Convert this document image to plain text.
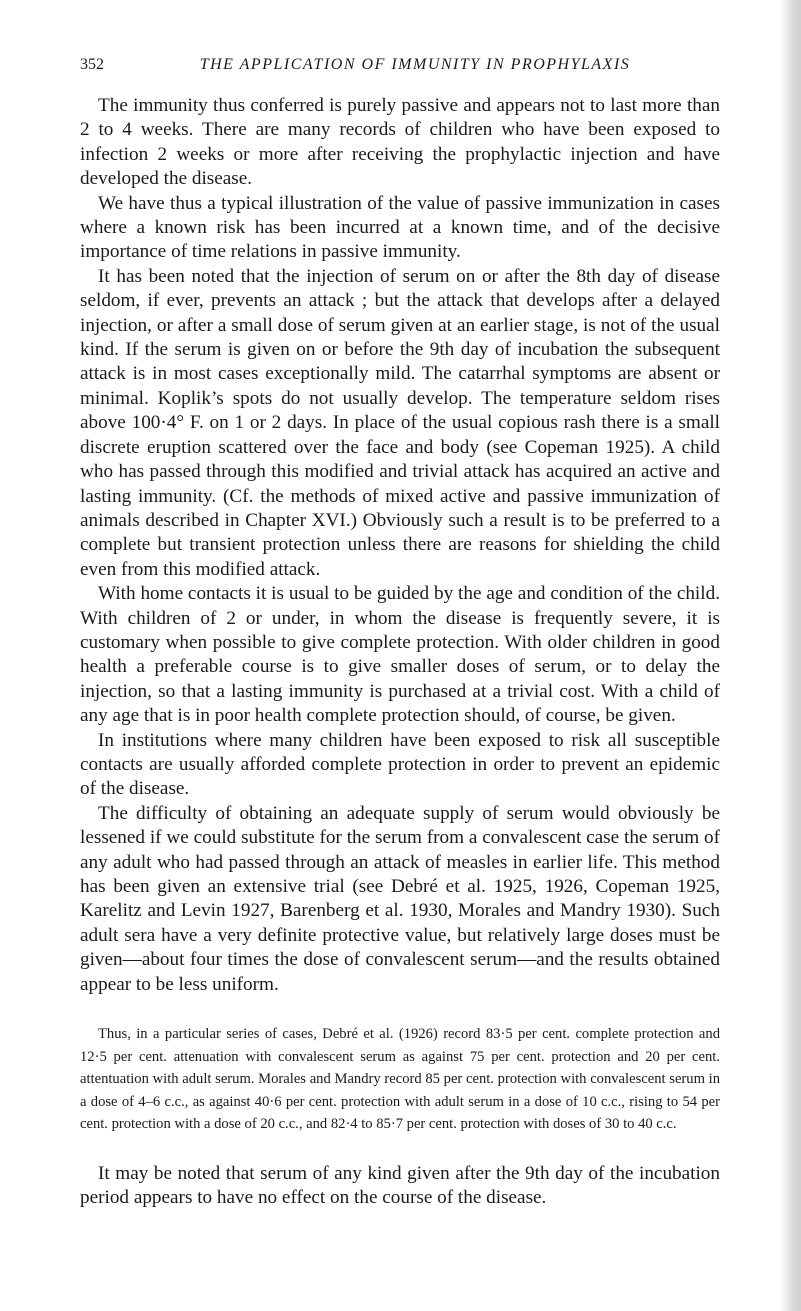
352	THE APPLICATION OF IMMUNITY IN PROPHYLAXIS

The immunity thus conferred is purely passive and appears not to last more than 2 to 4 weeks. There are many records of children who have been exposed to infection 2 weeks or more after receiving the prophylactic injection and have developed the disease.

We have thus a typical illustration of the value of passive immunization in cases where a known risk has been incurred at a known time, and of the decisive importance of time relations in passive immunity.

It has been noted that the injection of serum on or after the 8th day of disease seldom, if ever, prevents an attack ; but the attack that develops after a delayed injection, or after a small dose of serum given at an earlier stage, is not of the usual kind. If the serum is given on or before the 9th day of incubation the subsequent attack is in most cases exceptionally mild. The catarrhal symptoms are absent or minimal. Koplik’s spots do not usually develop. The temperature seldom rises above 100·4° F. on 1 or 2 days. In place of the usual copious rash there is a small discrete eruption scattered over the face and body (see Copeman 1925). A child who has passed through this modified and trivial attack has acquired an active and lasting immunity. (Cf. the methods of mixed active and passive immunization of animals described in Chapter XVI.) Obviously such a result is to be preferred to a complete but transient protection unless there are reasons for shielding the child even from this modified attack.

With home contacts it is usual to be guided by the age and condition of the child. With children of 2 or under, in whom the disease is frequently severe, it is customary when possible to give complete protection. With older children in good health a preferable course is to give smaller doses of serum, or to delay the injection, so that a lasting immunity is purchased at a trivial cost. With a child of any age that is in poor health complete protection should, of course, be given.

In institutions where many children have been exposed to risk all susceptible contacts are usually afforded complete protection in order to prevent an epidemic of the disease.

The difficulty of obtaining an adequate supply of serum would obviously be lessened if we could substitute for the serum from a convalescent case the serum of any adult who had passed through an attack of measles in earlier life. This method has been given an extensive trial (see Debré et al. 1925, 1926, Copeman 1925, Karelitz and Levin 1927, Barenberg et al. 1930, Morales and Mandry 1930). Such adult sera have a very definite protective value, but relatively large doses must be given—about four times the dose of convalescent serum—and the results obtained appear to be less uniform.

Thus, in a particular series of cases, Debré et al. (1926) record 83·5 per cent. complete protection and 12·5 per cent. attenuation with convalescent serum as against 75 per cent. protection and 20 per cent. attentuation with adult serum. Morales and Mandry record 85 per cent. protection with convalescent serum in a dose of 4–6 c.c., as against 40·6 per cent. protection with adult serum in a dose of 10 c.c., rising to 54 per cent. protection with a dose of 20 c.c., and 82·4 to 85·7 per cent. protection with doses of 30 to 40 c.c.

It may be noted that serum of any kind given after the 9th day of the incubation period appears to have no effect on the course of the disease.
